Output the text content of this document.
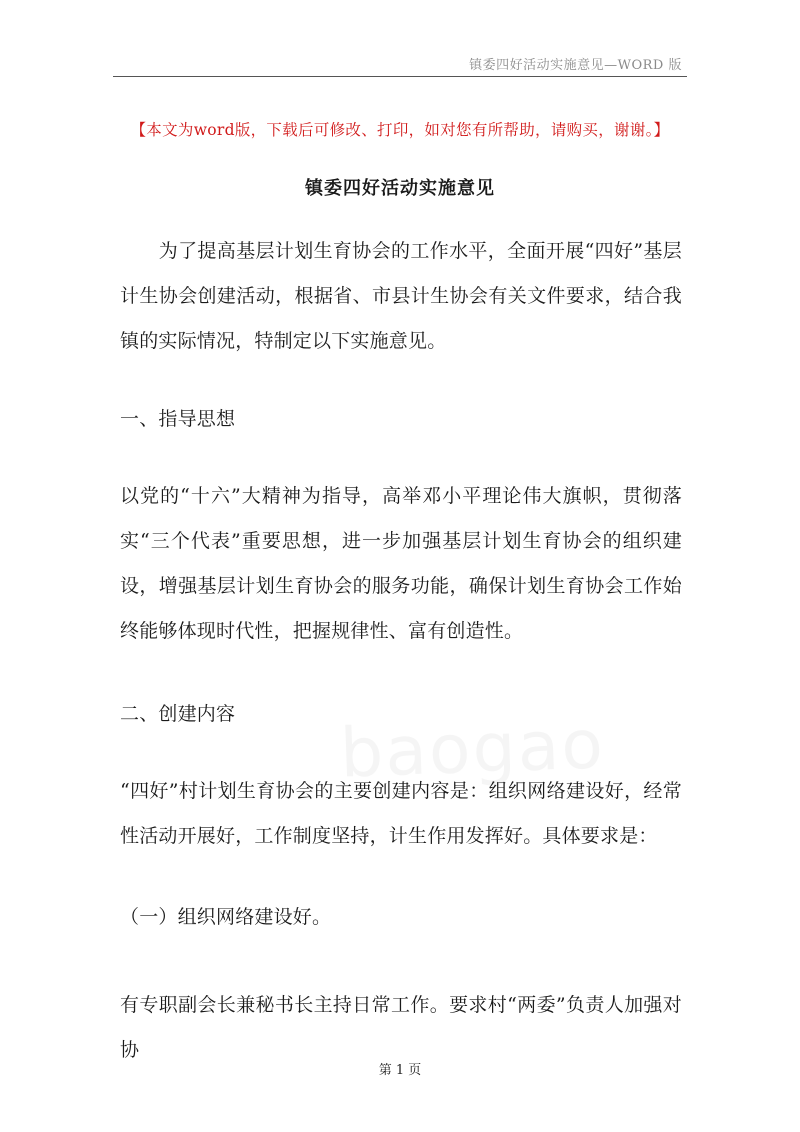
镇委四好活动实施意见—WORD 版
【本文为word版，下载后可修改、打印，如对您有所帮助，请购买，谢谢。】
镇委四好活动实施意见

　　为了提高基层计划生育协会的工作水平，全面开展“四好”基层计生协会创建活动，根据省、市县计生协会有关文件要求，结合我镇的实际情况，特制定以下实施意见。

一、指导思想

以党的“十六”大精神为指导，高举邓小平理论伟大旗帜，贯彻落实“三个代表”重要思想，进一步加强基层计划生育协会的组织建设，增强基层计划生育协会的服务功能，确保计划生育协会工作始终能够体现时代性，把握规律性、富有创造性。

二、创建内容

“四好”村计划生育协会的主要创建内容是：组织网络建设好，经常性活动开展好，工作制度坚持，计生作用发挥好。具体要求是：

（一）组织网络建设好。

有专职副会长兼秘书长主持日常工作。要求村“两委”负责人加强对协

第 1 页
